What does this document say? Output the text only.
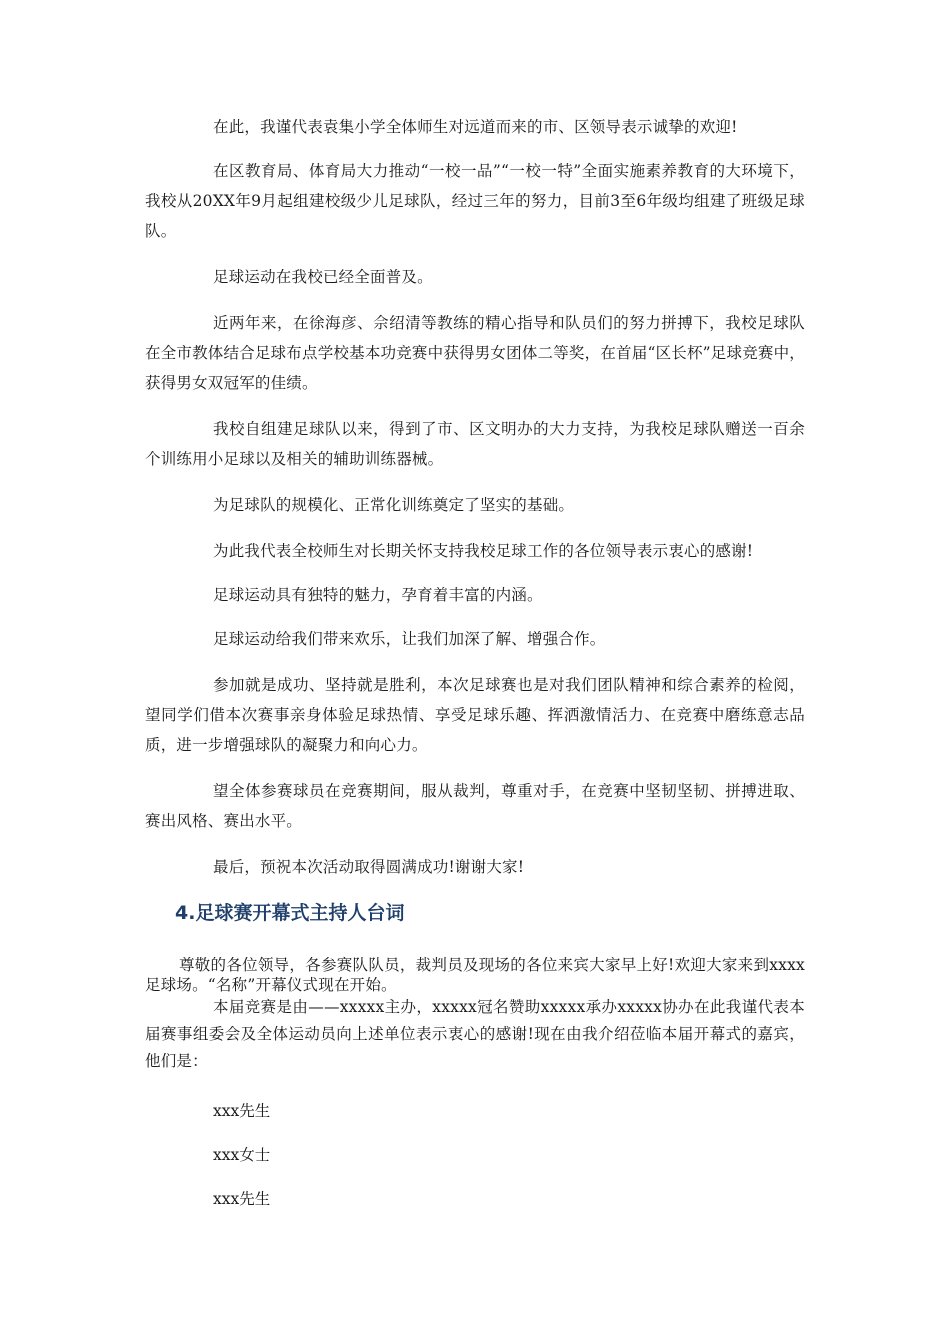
在此，我谨代表袁集小学全体师生对远道而来的市、区领导表示诚挚的欢迎!

在区教育局、体育局大力推动“一校一品”“一校一特”全面实施素养教育的大环境下，我校从20XX年9月起组建校级少儿足球队，经过三年的努力，目前3至6年级均组建了班级足球队。

足球运动在我校已经全面普及。

近两年来，在徐海彦、佘绍清等教练的精心指导和队员们的努力拼搏下，我校足球队在全市教体结合足球布点学校基本功竞赛中获得男女团体二等奖，在首届“区长杯”足球竞赛中，获得男女双冠军的佳绩。

我校自组建足球队以来，得到了市、区文明办的大力支持，为我校足球队赠送一百余个训练用小足球以及相关的辅助训练器械。

为足球队的规模化、正常化训练奠定了坚实的基础。

为此我代表全校师生对长期关怀支持我校足球工作的各位领导表示衷心的感谢!

足球运动具有独特的魅力，孕育着丰富的内涵。

足球运动给我们带来欢乐，让我们加深了解、增强合作。

参加就是成功、坚持就是胜利，本次足球赛也是对我们团队精神和综合素养的检阅，望同学们借本次赛事亲身体验足球热情、享受足球乐趣、挥洒激情活力、在竞赛中磨练意志品质，进一步增强球队的凝聚力和向心力。

望全体参赛球员在竞赛期间，服从裁判，尊重对手，在竞赛中坚韧坚韧、拼搏进取、赛出风格、赛出水平。

最后，预祝本次活动取得圆满成功!谢谢大家!

4.足球赛开幕式主持人台词

尊敬的各位领导，各参赛队队员，裁判员及现场的各位来宾大家早上好!欢迎大家来到xxxx足球场。“名称”开幕仪式现在开始。

本届竞赛是由——xxxxx主办，xxxxx冠名赞助xxxxx承办xxxxx协办在此我谨代表本届赛事组委会及全体运动员向上述单位表示衷心的感谢!现在由我介绍莅临本届开幕式的嘉宾，他们是：

xxx先生

xxx女士

xxx先生
